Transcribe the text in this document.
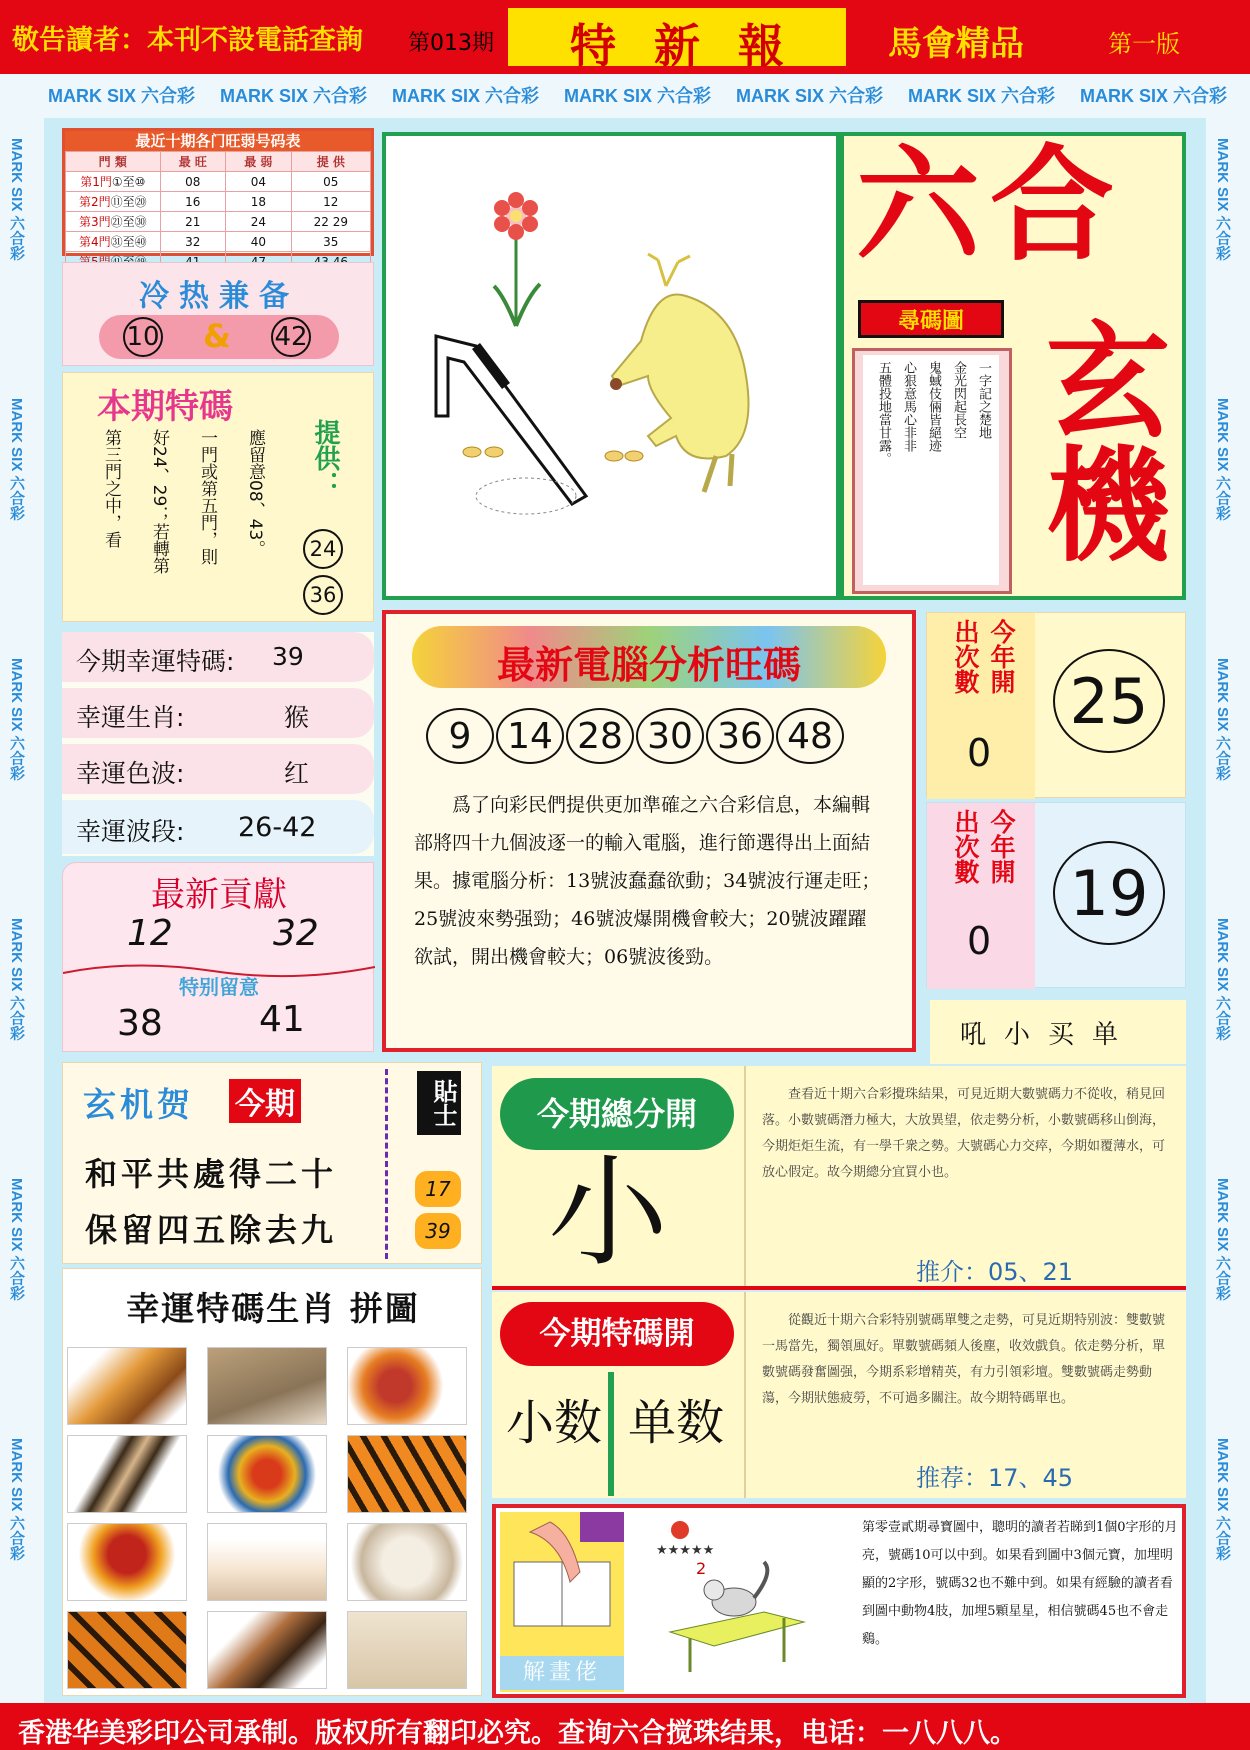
敬告讀者：本刊不設電話查詢 第013期	特新報	馬會精品	第一版
MARK SIX 六合彩 MARK SIX 六合彩 MARK SIX 六合彩 MARK SIX 六合彩 MARK SIX 六合彩 MARK SIX 六合彩 MARK SIX 六合彩
MARK SIX 六合彩
MARK SIX 六合彩
MARK SIX 六合彩
MARK SIX 六合彩
MARK SIX 六合彩
MARK SIX 六合彩
MARK SIX 六合彩
MARK SIX 六合彩
MARK SIX 六合彩
MARK SIX 六合彩
MARK SIX 六合彩
MARK SIX 六合彩
最近十期各门旺弱号码表
門 類	最 旺	最 弱	提 供
第1門①至⑩	08	04	05
第2門⑪至⑳	16	18	12
第3門㉑至㉚	21	24	22 29
第4門㉛至㊵	32	40	35

冷热兼备
10 & 42
本期特碼
應留意08、43。
一門或第五門，則
好24、29；若轉第
第三門之中，看	提供：
24
36
今期幸運特碼: 39
幸運生肖:	猴
幸運色波:	红
幸運波段: 26-42
最新貢獻
12	32
特别留意
38	41
玄机贺 今期
和平共處得二十
保留四五除去九
貼士
17
39
幸運特碼生肖 拼圖
六合
尋碼圖
一字記之楚地
金光閃起長空
鬼蜮伎倆皆絕迹
心狠意馬心非非
五體投地當甘露。 玄機
最新電腦分析旺碼
9 14 28 30 36 48
爲了向彩民們提供更加準確之六合彩信息，本編輯部將四十九個波逐一的輸入電腦，進行節選得出上面結果。據電腦分析：13號波蠢蠢欲動；34號波行運走旺；25號波來勢强勁；46號波爆開機會較大；20號波躍躍欲試，開出機會較大；06號波後勁。
今年開
出次數
0
25
今年開
出次數
0
19
吼小买单
今期總分開
小
查看近十期六合彩攪珠結果，可見近期大數號碼力不從收，稍見回落。小數號碼潛力極大，大放異望，依走勢分析，小數號碼移山倒海，今期炬炬生流，有一學千衆之勢。大號碼心力交瘁，今期如覆薄水，可放心假定。故今期總分宜買小也。
推介：05、21
今期特碼開
小数 单数
從觀近十期六合彩特别號碼單雙之走勢，可見近期特别波：雙數號一馬當先，獨領風好。單數號碼頻人後塵，收效戲負。依走勢分析，單數號碼發奮圖强，今期系彩增精英，有力引領彩壇。雙數號碼走勢動蕩，今期狀態疲勞，不可過多關注。故今期特碼單也。
推荐：17、45
解畫佬
★★★★★
2
第零壹貳期尋寶圖中，聰明的讀者若睇到1個0字形的月亮，號碼10可以中到。如果看到圖中3個元寶，加埋明顯的2字形，號碼32也不難中到。如果有經驗的讀者看到圖中動物4肢，加埋5顆星星，相信號碼45也不會走鷄。
香港华美彩印公司承制。版权所有翻印必究。查询六合搅珠结果，电话：一八八八。
